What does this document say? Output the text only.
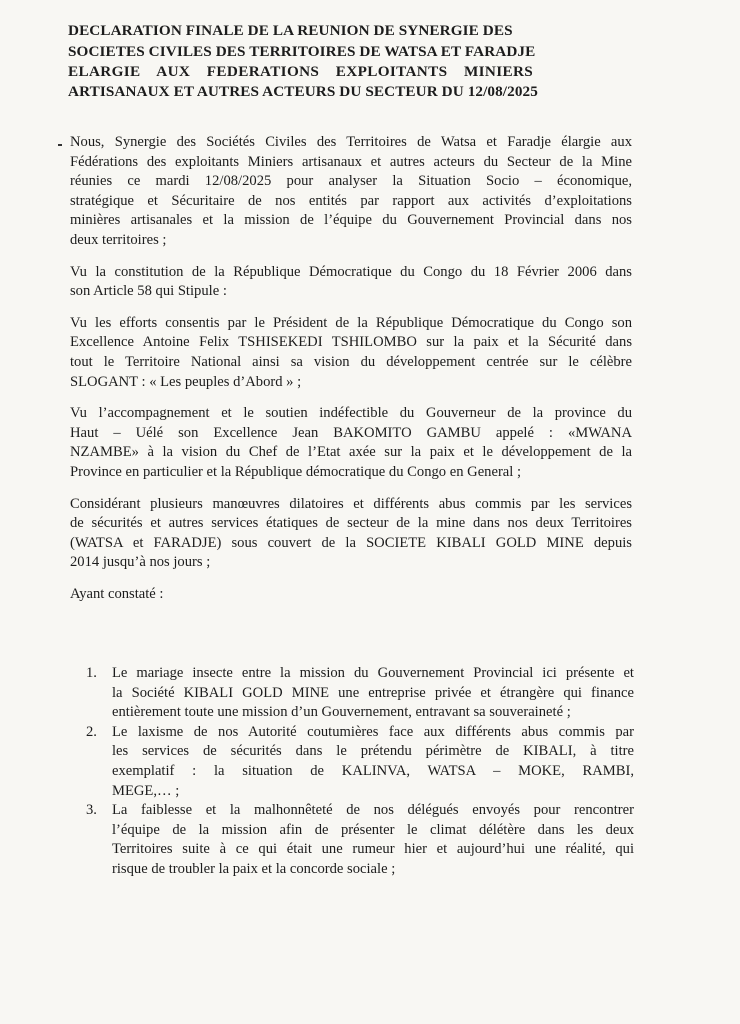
DECLARATION FINALE DE LA REUNION DE SYNERGIE DES
SOCIETES CIVILES DES TERRITOIRES DE WATSA ET FARADJE
ELARGIE    AUX    FEDERATIONS    EXPLOITANTS    MINIERS
ARTISANAUX ET AUTRES ACTEURS DU SECTEUR DU 12/08/2025
Nous, Synergie des Sociétés Civiles des Territoires de Watsa et Faradje élargie aux
Fédérations des exploitants Miniers artisanaux et autres acteurs du Secteur de la Mine
réunies ce mardi 12/08/2025 pour analyser la Situation Socio – économique,
stratégique et Sécuritaire de nos entités par rapport aux activités d’exploitations
minières artisanales et la mission de l’équipe du Gouvernement Provincial dans nos
deux territoires ;
Vu la constitution de la République Démocratique du Congo du 18 Février 2006 dans
son Article 58 qui Stipule :
Vu les efforts consentis par le Président de la République Démocratique du Congo son
Excellence Antoine Felix TSHISEKEDI TSHILOMBO sur la paix et la Sécurité dans
tout le Territoire National ainsi sa vision du développement centrée sur le célèbre
SLOGANT : « Les peuples d’Abord » ;
Vu l’accompagnement et le soutien indéfectible du Gouverneur de la province du
Haut – Uélé son Excellence Jean BAKOMITO GAMBU appelé : «MWANA
NZAMBE» à la vision du Chef de l’Etat axée sur la paix et le développement de la
Province en particulier et la République démocratique du Congo en General ;
Considérant plusieurs manœuvres dilatoires et différents abus commis par les services
de sécurités et autres services étatiques de secteur de la mine dans nos deux Territoires
(WATSA et FARADJE) sous couvert de la SOCIETE KIBALI GOLD MINE depuis
2014 jusqu’à nos jours ;
Ayant constaté :
1.	Le mariage insecte entre la mission du Gouvernement Provincial ici présente et
la Société KIBALI GOLD MINE une entreprise privée et étrangère qui finance
entièrement toute une mission d’un Gouvernement, entravant sa souveraineté ;
2.	Le laxisme de nos Autorité coutumières face aux différents abus commis par
les services de sécurités dans le prétendu périmètre de KIBALI, à titre
exemplatif : la situation de KALINVA, WATSA – MOKE, RAMBI,
MEGE,… ;
3.	La faiblesse et la malhonnêteté de nos délégués envoyés pour rencontrer
l’équipe de la mission afin de présenter le climat délétère dans les deux
Territoires suite à ce qui était une rumeur hier et aujourd’hui une réalité, qui
risque de troubler la paix et la concorde sociale ;
